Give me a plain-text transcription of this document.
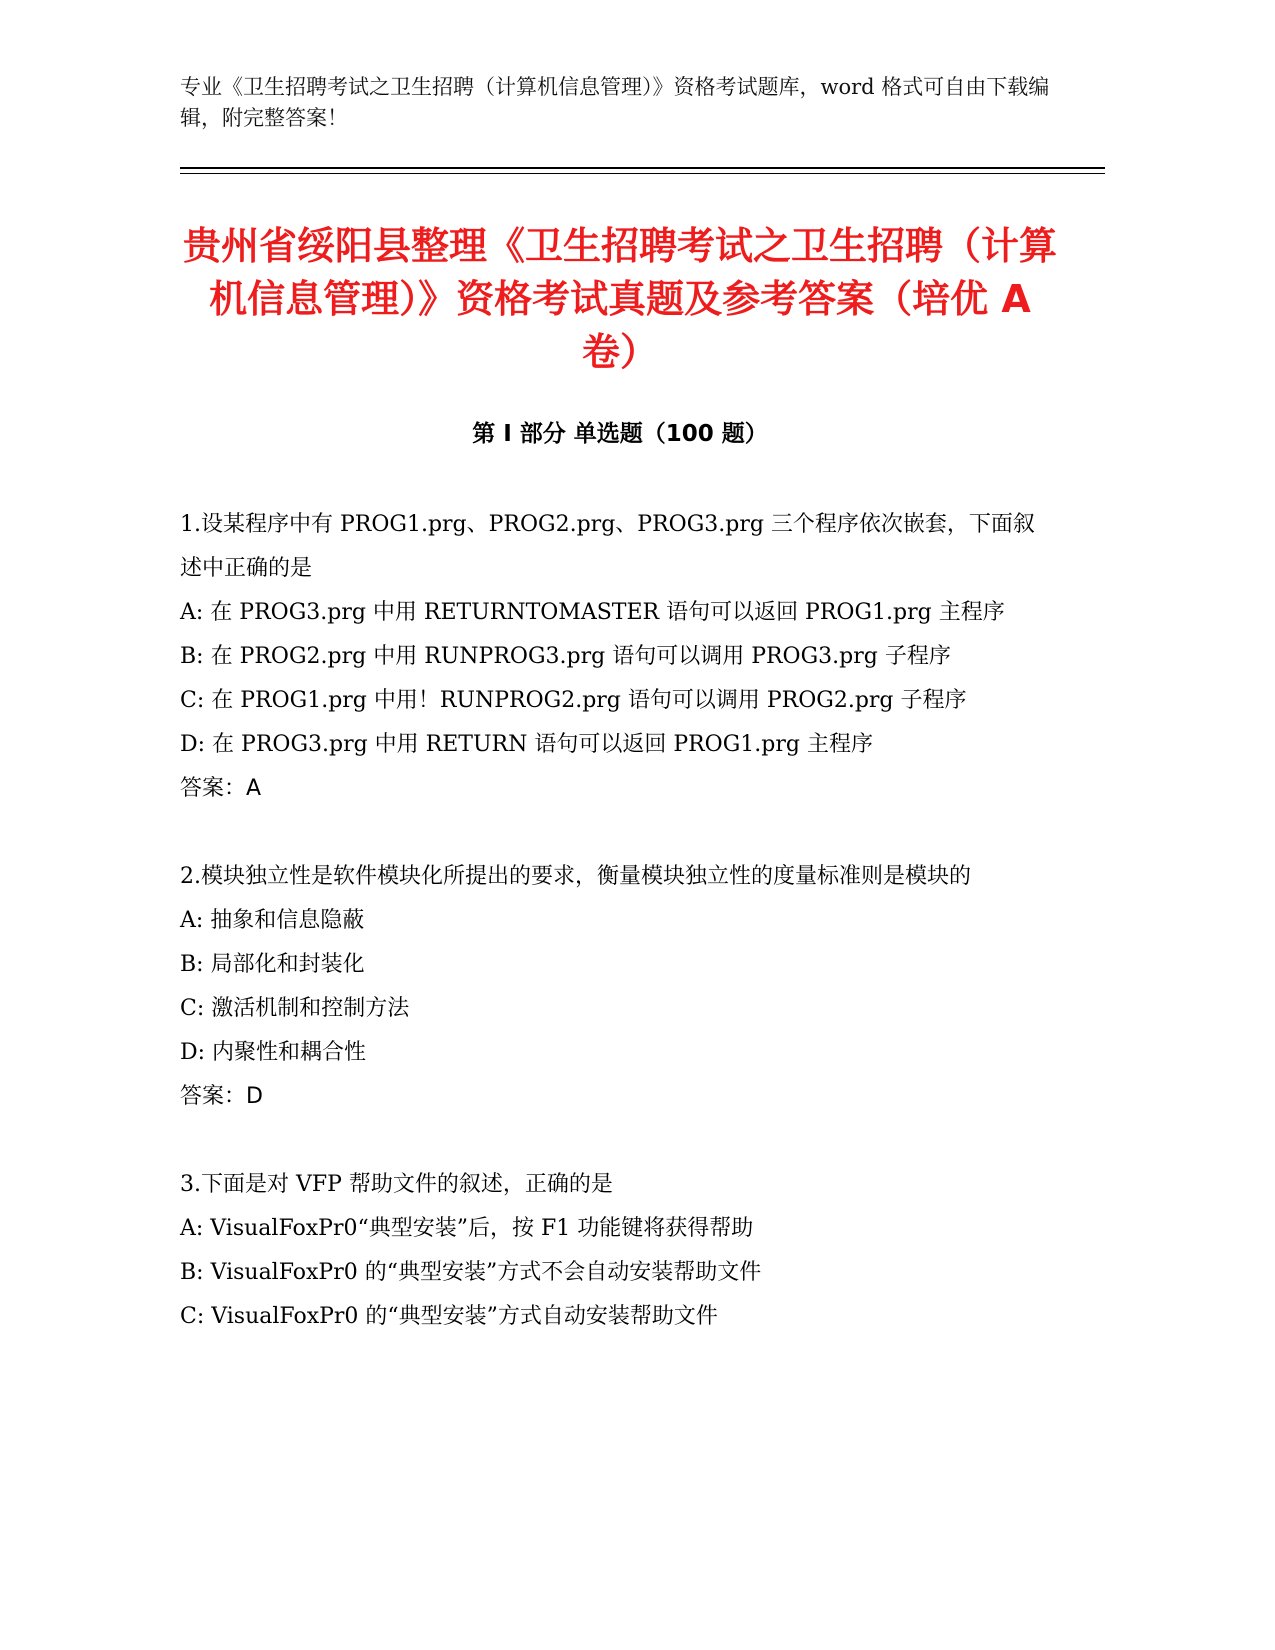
专业《卫生招聘考试之卫生招聘（计算机信息管理）》资格考试题库，word 格式可自由下载编辑，附完整答案！
贵州省绥阳县整理《卫生招聘考试之卫生招聘（计算机信息管理）》资格考试真题及参考答案（培优 A 卷）
第 I 部分 单选题（100 题）

1.设某程序中有 PROG1.prg、PROG2.prg、PROG3.prg 三个程序依次嵌套，下面叙述中正确的是

A: 在 PROG3.prg 中用 RETURNTOMASTER 语句可以返回 PROG1.prg 主程序

B: 在 PROG2.prg 中用 RUNPROG3.prg 语句可以调用 PROG3.prg 子程序

C: 在 PROG1.prg 中用！RUNPROG2.prg 语句可以调用 PROG2.prg 子程序

D: 在 PROG3.prg 中用 RETURN 语句可以返回 PROG1.prg 主程序

答案：A

2.模块独立性是软件模块化所提出的要求，衡量模块独立性的度量标准则是模块的

A: 抽象和信息隐蔽

B: 局部化和封装化

C: 激活机制和控制方法

D: 内聚性和耦合性

答案：D

3.下面是对 VFP 帮助文件的叙述，正确的是

A: VisualFoxPr0“典型安装”后，按 F1 功能键将获得帮助

B: VisualFoxPr0 的“典型安装”方式不会自动安装帮助文件

C: VisualFoxPr0 的“典型安装”方式自动安装帮助文件
